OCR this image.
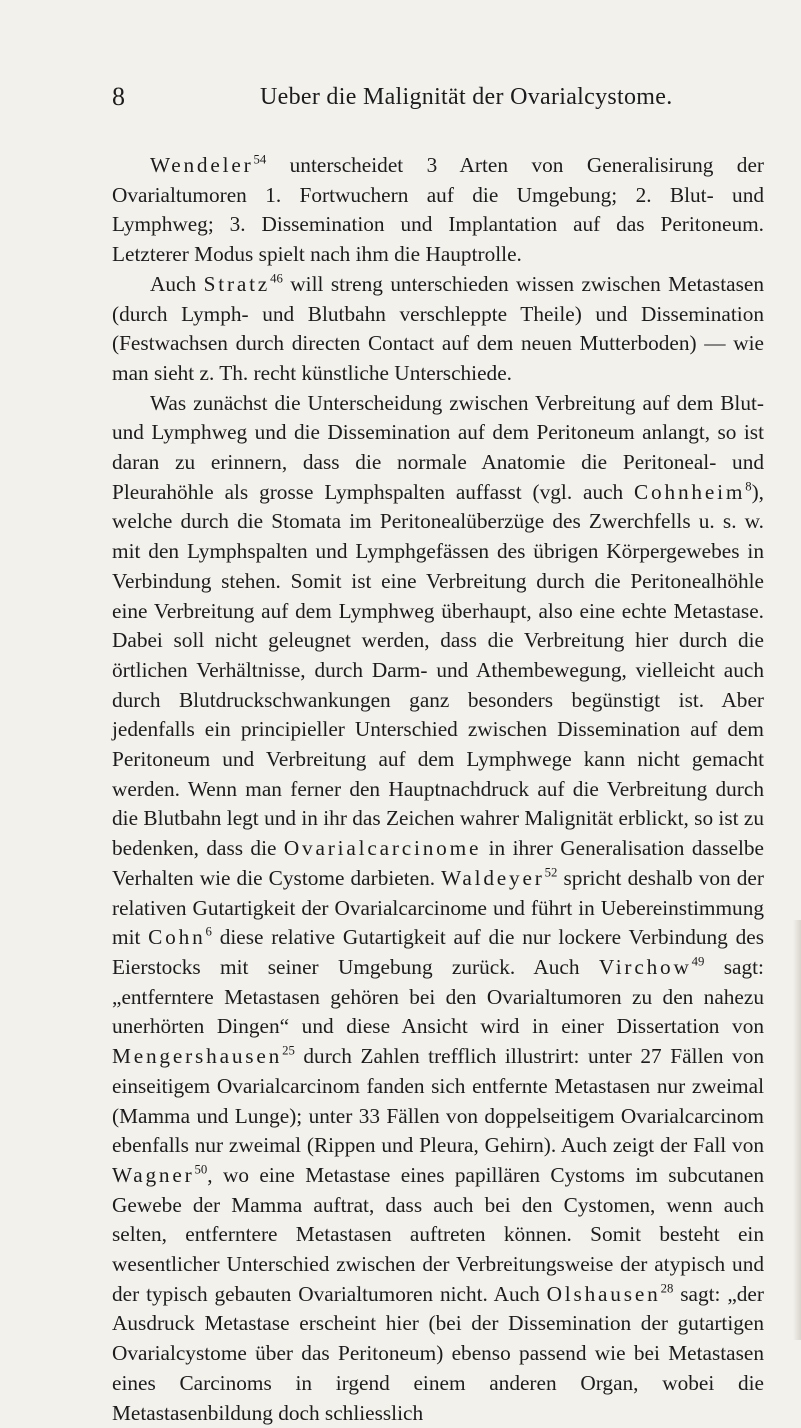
8	Ueber die Malignität der Ovarialcystome.

Wendeler$^{54}$ unterscheidet 3 Arten von Generalisirung der Ovarialtumoren 1. Fortwuchern auf die Umgebung; 2. Blut- und Lymphweg; 3. Dissemination und Implantation auf das Peritoneum. Letzterer Modus spielt nach ihm die Hauptrolle.

Auch Stratz$^{46}$ will streng unterschieden wissen zwischen Metastasen (durch Lymph- und Blutbahn verschleppte Theile) und Dissemination (Festwachsen durch directen Contact auf dem neuen Mutterboden) — wie man sieht z. Th. recht künstliche Unterschiede.

Was zunächst die Unterscheidung zwischen Verbreitung auf dem Blut- und Lymphweg und die Dissemination auf dem Peritoneum anlangt, so ist daran zu erinnern, dass die normale Anatomie die Peritoneal- und Pleurahöhle als grosse Lymphspalten auffasst (vgl. auch Cohnheim$^8$), welche durch die Stomata im Peritonealüberzüge des Zwerchfells u. s. w. mit den Lymphspalten und Lymphgefässen des übrigen Körpergewebes in Verbindung stehen. Somit ist eine Verbreitung durch die Peritonealhöhle eine Verbreitung auf dem Lymphweg überhaupt, also eine echte Metastase. Dabei soll nicht geleugnet werden, dass die Verbreitung hier durch die örtlichen Verhältnisse, durch Darm- und Athembewegung, vielleicht auch durch Blutdruckschwankungen ganz besonders begünstigt ist. Aber jedenfalls ein principieller Unterschied zwischen Dissemination auf dem Peritoneum und Verbreitung auf dem Lymphwege kann nicht gemacht werden. Wenn man ferner den Hauptnachdruck auf die Verbreitung durch die Blutbahn legt und in ihr das Zeichen wahrer Malignität erblickt, so ist zu bedenken, dass die Ovarialcarcinome in ihrer Generalisation dasselbe Verhalten wie die Cystome darbieten. Waldeyer$^{52}$ spricht deshalb von der relativen Gutartigkeit der Ovarialcarcinome und führt in Uebereinstimmung mit Cohn$^6$ diese relative Gutartigkeit auf die nur lockere Verbindung des Eierstocks mit seiner Umgebung zurück. Auch Virchow$^{49}$ sagt: „entferntere Metastasen gehören bei den Ovarialtumoren zu den nahezu unerhörten Dingen“ und diese Ansicht wird in einer Dissertation von Mengershausen$^{25}$ durch Zahlen trefflich illustrirt: unter 27 Fällen von einseitigem Ovarialcarcinom fanden sich entfernte Metastasen nur zweimal (Mamma und Lunge); unter 33 Fällen von doppelseitigem Ovarialcarcinom ebenfalls nur zweimal (Rippen und Pleura, Gehirn). Auch zeigt der Fall von Wagner$^{50}$, wo eine Metastase eines papillären Cystoms im subcutanen Gewebe der Mamma auftrat, dass auch bei den Cystomen, wenn auch selten, entferntere Metastasen auftreten können. Somit besteht ein wesentlicher Unterschied zwischen der Verbreitungsweise der atypisch und der typisch gebauten Ovarialtumoren nicht. Auch Olshausen$^{28}$ sagt: „der Ausdruck Metastase erscheint hier (bei der Dissemination der gutartigen Ovarialcystome über das Peritoneum) ebenso passend wie bei Metastasen eines Carcinoms in irgend einem anderen Organ, wobei die Metastasenbildung doch schliesslich
